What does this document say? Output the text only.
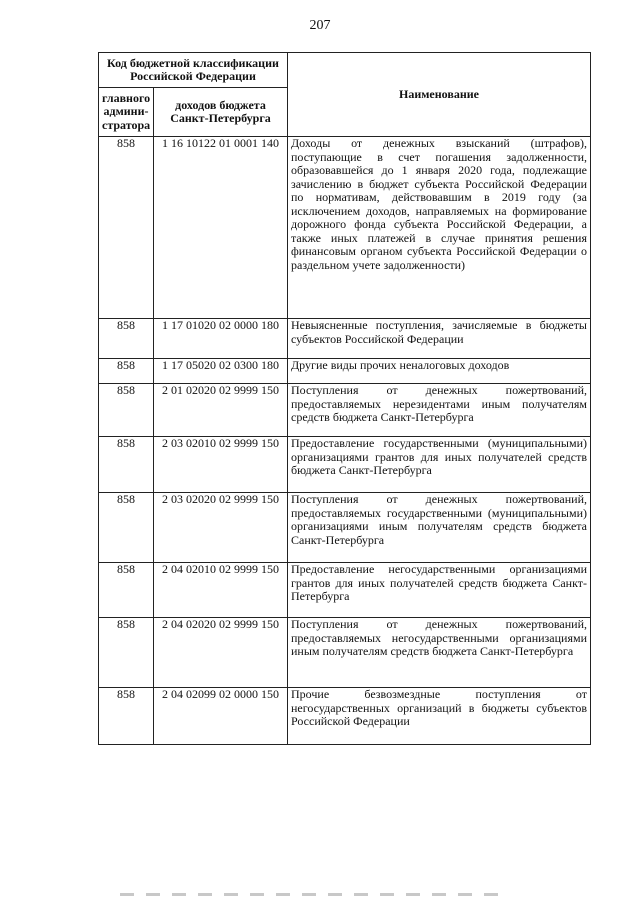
207
Код бюджетной классификации Российской Федерации		Наименование
главного админи-стратора	доходов бюджета Санкт-Петербурга	
858	1 16 10122 01 0001 140	Доходы от денежных взысканий (штрафов), поступающие в счет погашения задолженности, образовавшейся до 1 января 2020 года, подлежащие зачислению в бюджет субъекта Российской Федерации по нормативам, действовавшим в 2019 году (за исключением доходов, направляемых на формирование дорожного фонда субъекта Российской Федерации, а также иных платежей в случае принятия решения финансовым органом субъекта Российской Федерации о раздельном учете задолженности)
858	1 17 01020 02 0000 180	Невыясненные поступления, зачисляемые в бюджеты субъектов Российской Федерации
858	1 17 05020 02 0300 180	Другие виды прочих неналоговых доходов
858	2 01 02020 02 9999 150	Поступления от денежных пожертвований, предоставляемых нерезидентами иным получателям средств бюджета Санкт-Петербурга
858	2 03 02010 02 9999 150	Предоставление государственными (муниципальными) организациями грантов для иных получателей средств бюджета Санкт-Петербурга
858	2 03 02020 02 9999 150	Поступления от денежных пожертвований, предоставляемых государственными (муниципальными) организациями иным получателям средств бюджета Санкт-Петербурга
858	2 04 02010 02 9999 150	Предоставление негосударственными организациями грантов для иных получателей средств бюджета Санкт-Петербурга
858	2 04 02020 02 9999 150	Поступления от денежных пожертвований, предоставляемых негосударственными организациями иным получателям средств бюджета Санкт-Петербурга
858	2 04 02099 02 0000 150	Прочие безвозмездные поступления от негосударственных организаций в бюджеты субъектов Российской Федерации
